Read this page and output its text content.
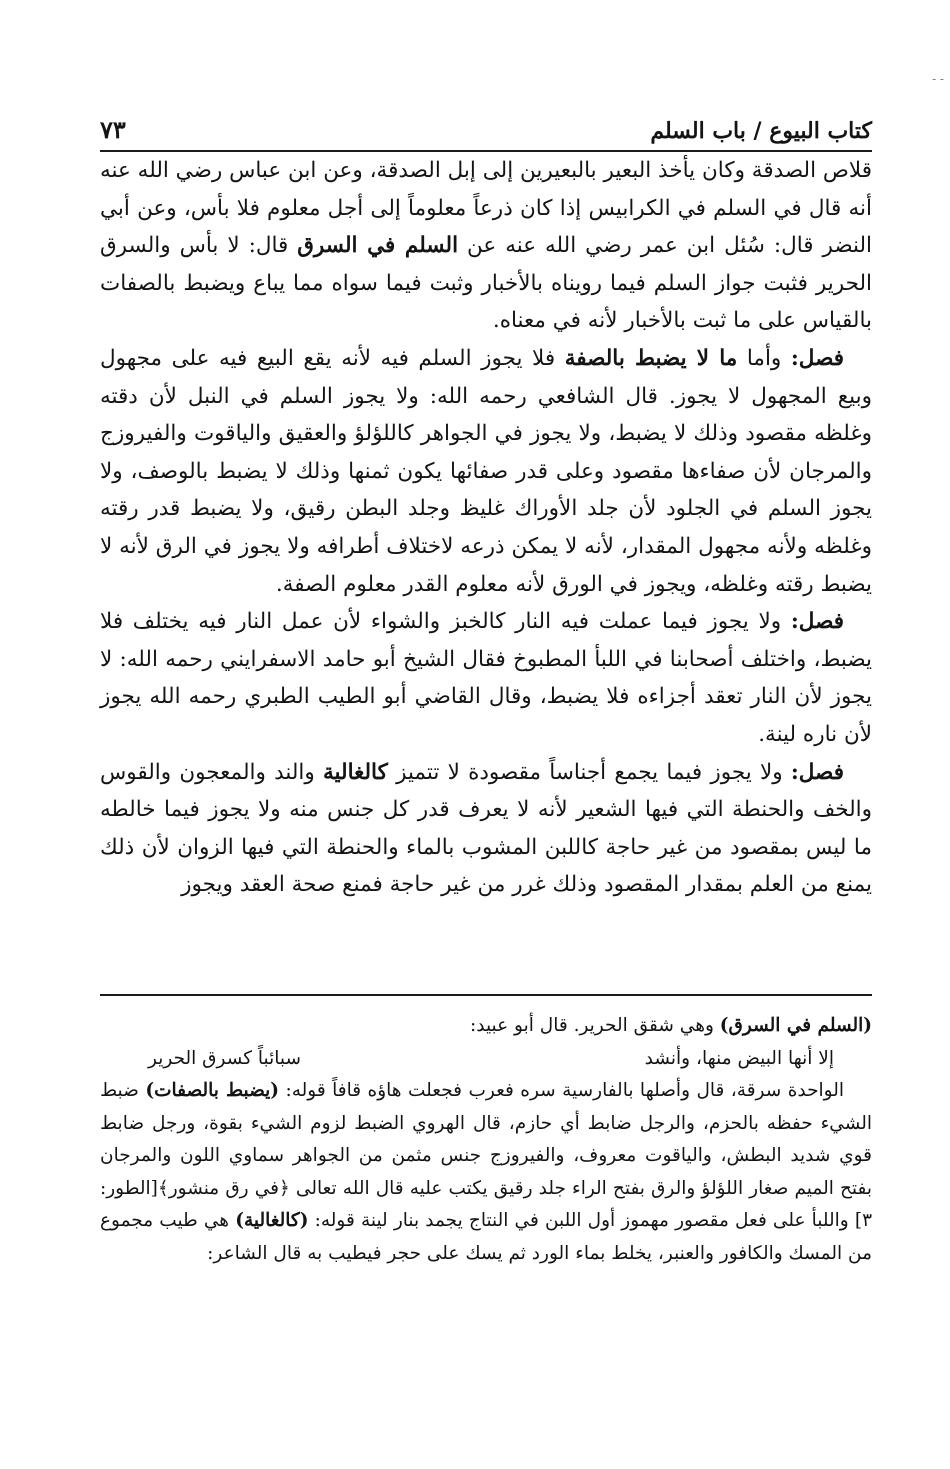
- -
كتاب البيوع / باب السلم
٧٣

قلاص الصدقة وكان يأخذ البعير بالبعيرين إلى إبل الصدقة، وعن ابن عباس رضي الله عنه أنه قال في السلم في الكرابيس إذا كان ذرعاً معلوماً إلى أجل معلوم فلا بأس، وعن أبي النضر قال: سُئل ابن عمر رضي الله عنه عن السلم في السرق قال: لا بأس والسرق الحرير فثبت جواز السلم فيما رويناه بالأخبار وثبت فيما سواه مما يباع ويضبط بالصفات بالقياس على ما ثبت بالأخبار لأنه في معناه.

فصل: وأما ما لا يضبط بالصفة فلا يجوز السلم فيه لأنه يقع البيع فيه على مجهول وبيع المجهول لا يجوز. قال الشافعي رحمه الله: ولا يجوز السلم في النبل لأن دقته وغلظه مقصود وذلك لا يضبط، ولا يجوز في الجواهر كاللؤلؤ والعقيق والياقوت والفيروزج والمرجان لأن صفاءها مقصود وعلى قدر صفائها يكون ثمنها وذلك لا يضبط بالوصف، ولا يجوز السلم في الجلود لأن جلد الأوراك غليظ وجلد البطن رقيق، ولا يضبط قدر رقته وغلظه ولأنه مجهول المقدار، لأنه لا يمكن ذرعه لاختلاف أطرافه ولا يجوز في الرق لأنه لا يضبط رقته وغلظه، ويجوز في الورق لأنه معلوم القدر معلوم الصفة.

فصل: ولا يجوز فيما عملت فيه النار كالخبز والشواء لأن عمل النار فيه يختلف فلا يضبط، واختلف أصحابنا في اللبأ المطبوخ فقال الشيخ أبو حامد الاسفرايني رحمه الله: لا يجوز لأن النار تعقد أجزاءه فلا يضبط، وقال القاضي أبو الطيب الطبري رحمه الله يجوز لأن ناره لينة.

فصل: ولا يجوز فيما يجمع أجناساً مقصودة لا تتميز كالغالية والند والمعجون والقوس والخف والحنطة التي فيها الشعير لأنه لا يعرف قدر كل جنس منه ولا يجوز فيما خالطه ما ليس بمقصود من غير حاجة كاللبن المشوب بالماء والحنطة التي فيها الزوان لأن ذلك يمنع من العلم بمقدار المقصود وذلك غرر من غير حاجة فمنع صحة العقد ويجوز

(السلم في السرق) وهي شقق الحرير. قال أبو عبيد:

إلا أنها البيض منها، وأنشد
سبائباً كسرق الحرير

الواحدة سرقة، قال وأصلها بالفارسية سره فعرب فجعلت هاؤه قافاً قوله: (يضبط بالصفات) ضبط الشيء حفظه بالحزم، والرجل ضابط أي حازم، قال الهروي الضبط لزوم الشيء بقوة، ورجل ضابط قوي شديد البطش، والياقوت معروف، والفيروزج جنس مثمن من الجواهر سماوي اللون والمرجان بفتح الميم صغار اللؤلؤ والرق بفتح الراء جلد رقيق يكتب عليه قال الله تعالى ﴿في رق منشور﴾[الطور: ٣] واللبأ على فعل مقصور مهموز أول اللبن في النتاج يجمد بنار لينة قوله: (كالغالية) هي طيب مجموع من المسك والكافور والعنبر، يخلط بماء الورد ثم يسك على حجر فيطيب به قال الشاعر:
